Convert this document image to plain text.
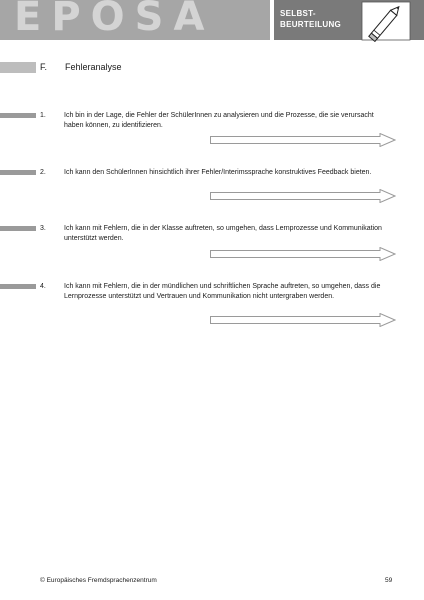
EPOSA	SELBST-
BEURTEILUNG
F. Fehleranalyse
1.	Ich bin in der Lage, die Fehler der SchülerInnen zu analysieren und die Prozesse, die sie verursacht haben können, zu identifizieren.

2.	Ich kann den SchülerInnen hinsichtlich ihrer Fehler/Interimssprache konstruktives Feedback bieten.

3.	Ich kann mit Fehlern, die in der Klasse auftreten, so umgehen, dass Lernprozesse und Kommunikation unterstützt werden.

4.	Ich kann mit Fehlern, die in der mündlichen und schriftlichen Sprache auftreten, so umgehen, dass die Lernprozesse unterstützt und Vertrauen und Kommunikation nicht untergraben werden.

© Europäisches Fremdsprachenzentrum	59
